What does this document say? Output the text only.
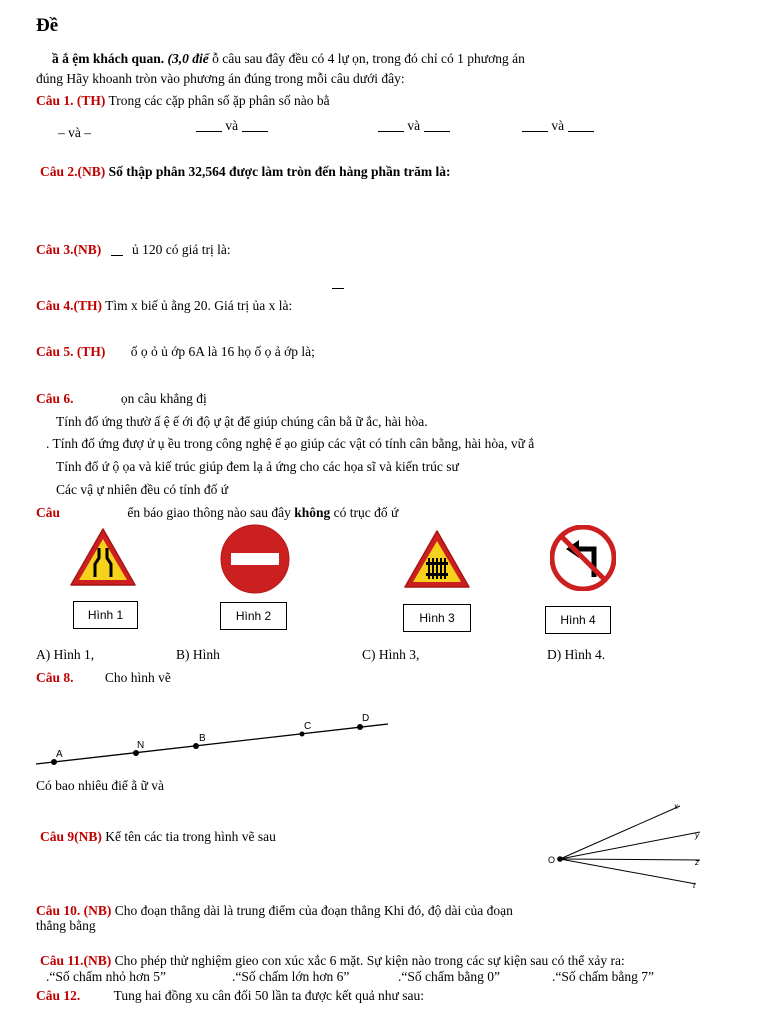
Đề
ầ ắ ệm khách quan. (3,0 điể ỗ câu sau đây đều có 4 lự ọn, trong đó chỉ có 1 phương án
đúng Hãy khoanh tròn vào phương án đúng trong mỗi câu dưới đây:
Câu 1. (TH) Trong các cặp phân số ặp phân số nào bằ
– và –	và	và	và
Câu 2.(NB) Số thập phân 32,564 được làm tròn đến hàng phần trăm là:
Câu 3.(NB) ủ 120 có giá trị là:
Câu 4.(TH) Tìm x biế ủ ằng 20. Giá trị ủa x là:
Câu 5. (TH) ố ọ ỏ ủ ớp 6A là 16 họ ố ọ ả ớp là;
Câu 6.	ọn câu khẳng đị
Tính đố ứng thườ ấ ệ ế ới độ ự ật để giúp chúng cân bằ ữ ắc, hài hòa.
. Tính đố ứng đượ ử ụ ều trong công nghệ ế ạo giúp các vật có tính cân bằng, hài hòa, vữ ắ
Tính đố ứ ộ ọa và kiế trúc giúp đem lạ ả ứng cho các họa sĩ và kiến trúc sư
Các vậ ự nhiên đều có tính đố ứ
Câu	ển báo giao thông nào sau đây không có trục đố ứ
Hình 1	Hình 2	Hình 3	Hình 4
A) Hình 1,	B) Hình	C) Hình 3,	D) Hình 4.
Câu 8. Cho hình vẽ
A
N
B
C
D
Có bao nhiêu điể ằ ữ và
Câu 9(NB) Kể tên các tia trong hình vẽ sau
O
x
y
z
t
Câu 10. (NB) Cho đoạn thẳng dài là trung điểm của đoạn thẳng Khi đó, độ dài của đoạn
thẳng bằng
Câu 11.(NB) Cho phép thử nghiệm gieo con xúc xắc 6 mặt. Sự kiện nào trong các sự kiện sau có thể xảy ra:
.“Số chấm nhỏ hơn 5”	.“Số chấm lớn hơn 6”	.“Số chấm bằng 0”	.“Số chấm bằng 7”
Câu 12. Tung hai đồng xu cân đối 50 lần ta được kết quả như sau:
